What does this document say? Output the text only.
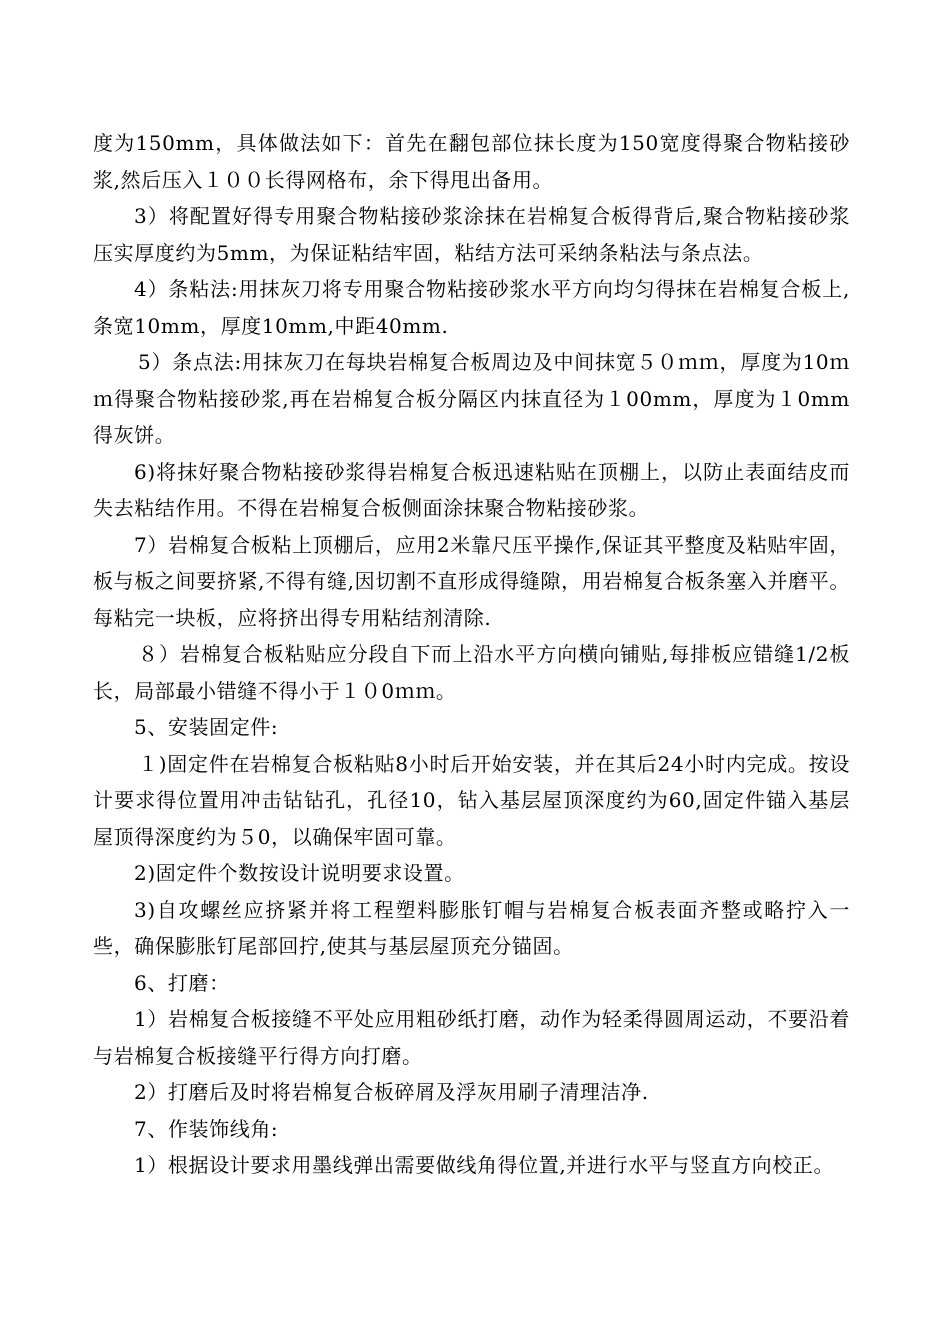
度为150mm，具体做法如下：首先在翻包部位抹长度为150宽度得聚合物粘接砂浆,然后压入１００长得网格布，余下得甩出备用。

3）将配置好得专用聚合物粘接砂浆涂抹在岩棉复合板得背后,聚合物粘接砂浆压实厚度约为5mm，为保证粘结牢固，粘结方法可采纳条粘法与条点法。

4）条粘法:用抹灰刀将专用聚合物粘接砂浆水平方向均匀得抹在岩棉复合板上,条宽10mm，厚度10mm,中距40mm.

5）条点法:用抹灰刀在每块岩棉复合板周边及中间抹宽５０ｍｍ，厚度为10ｍｍ得聚合物粘接砂浆,再在岩棉复合板分隔区内抹直径为１00mm，厚度为１0mm得灰饼。

6)将抹好聚合物粘接砂浆得岩棉复合板迅速粘贴在顶棚上，以防止表面结皮而失去粘结作用。不得在岩棉复合板侧面涂抹聚合物粘接砂浆。

7）岩棉复合板粘上顶棚后，应用2米靠尺压平操作,保证其平整度及粘贴牢固，板与板之间要挤紧,不得有缝,因切割不直形成得缝隙，用岩棉复合板条塞入并磨平。每粘完一块板，应将挤出得专用粘结剂清除.

８）岩棉复合板粘贴应分段自下而上沿水平方向横向铺贴,每排板应错缝1/2板长，局部最小错缝不得小于１０0ｍｍ。

5、安装固定件:

１)固定件在岩棉复合板粘贴8小时后开始安装，并在其后24小时内完成。按设计要求得位置用冲击钻钻孔，孔径10，钻入基层屋顶深度约为60,固定件锚入基层屋顶得深度约为５0，以确保牢固可靠。

2)固定件个数按设计说明要求设置。

3)自攻螺丝应挤紧并将工程塑料膨胀钉帽与岩棉复合板表面齐整或略拧入一些，确保膨胀钉尾部回拧,使其与基层屋顶充分锚固。

6、打磨：

1）岩棉复合板接缝不平处应用粗砂纸打磨，动作为轻柔得圆周运动，不要沿着与岩棉复合板接缝平行得方向打磨。

2）打磨后及时将岩棉复合板碎屑及浮灰用刷子清理洁净.

7、作装饰线角:

1）根据设计要求用墨线弹出需要做线角得位置,并进行水平与竖直方向校正。
